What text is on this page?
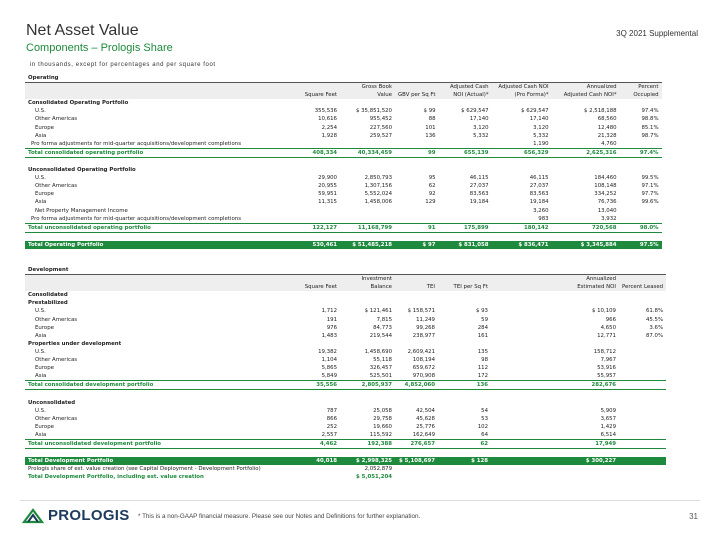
Net Asset Value
Components – Prologis Share
3Q 2021 Supplemental
in thousands, except for percentages and per square foot
Operating							
		Gross Book		Adjusted Cash	Adjusted Cash NOI	Annualized	Percent
	Square Feet	Value	GBV per Sq Ft	NOI (Actual)*	(Pro Forma)*	Adjusted Cash NOI*	Occupied
Consolidated Operating Portfolio							
U.S.	355,536	$ 35,851,520	$ 99	$ 629,547	$ 629,547	$ 2,518,188	97.4%
Other Americas	10,616	955,452	88	17,140	17,140	68,560	98.8%
Europe	2,254	227,560	101	3,120	3,120	12,480	85.1%
Asia	1,928	259,527	136	5,332	5,332	21,328	98.7%
Pro forma adjustments for mid-quarter acquisitions/development completions					1,190	4,760	
Total consolidated operating portfolio	408,334	40,334,459	99	655,139	656,329	2,625,316	97.4%

Unconsolidated Operating Portfolio							
U.S.	29,900	2,850,793	95	46,115	46,115	184,460	99.5%
Other Americas	20,955	1,307,156	62	27,037	27,037	108,148	97.1%
Europe	59,951	5,552,024	92	83,563	83,563	334,252	97.7%
Asia	11,315	1,458,006	129	19,184	19,184	76,736	99.6%
Net Property Management Income					3,260	13,040	
Pro forma adjustments for mid-quarter acquisitions/development completions					983	3,932	
Total unconsolidated operating portfolio	122,127	11,168,799	91	175,899	180,142	720,568	98.0%

Total Operating Portfolio	530,461	$ 51,485,218	$ 97	$ 831,058	$ 836,471	$ 3,345,884	97.5%
Development							
		Investment				Annualized	
	Square Feet	Balance	TEI	TEI per Sq Ft		Estimated NOI	Percent Leased
Consolidated							
Prestabilized							
U.S.	1,712	$ 121,461	$ 158,571	$ 93		$ 10,109	61.8%
Other Americas	191	7,815	11,249	59		966	45.5%
Europe	976	84,773	99,268	284		4,650	3.6%
Asia	1,483	219,544	238,977	161		12,771	87.0%
Properties under development							
U.S.	19,382	1,458,690	2,609,421	135		158,712	
Other Americas	1,104	55,118	108,194	98		7,967	
Europe	5,865	326,457	659,672	112		53,916	
Asia	5,849	525,501	970,908	172		55,957	
Total consolidated development portfolio	35,556	2,805,937	4,852,060	136		282,676	

Unconsolidated							
U.S.	787	25,058	42,504	54		5,909	
Other Americas	866	29,758	45,628	53		3,657	
Europe	252	19,660	25,776	102		1,429	
Asia	2,557	115,592	162,649	64		6,514	
Total unconsolidated development portfolio	4,462	192,388	276,657	62		17,949	

Total Development Portfolio	40,018	$ 2,998,325	$ 5,108,697	$ 128		$ 300,227	
Prologis share of est. value creation (see Capital Deployment - Development Portfolio)		2,052,879					
Total Development Portfolio, including est. value creation		$ 5,051,204					
PROLOGIS * This is a non-GAAP financial measure. Please see our Notes and Definitions for further explanation.	31
